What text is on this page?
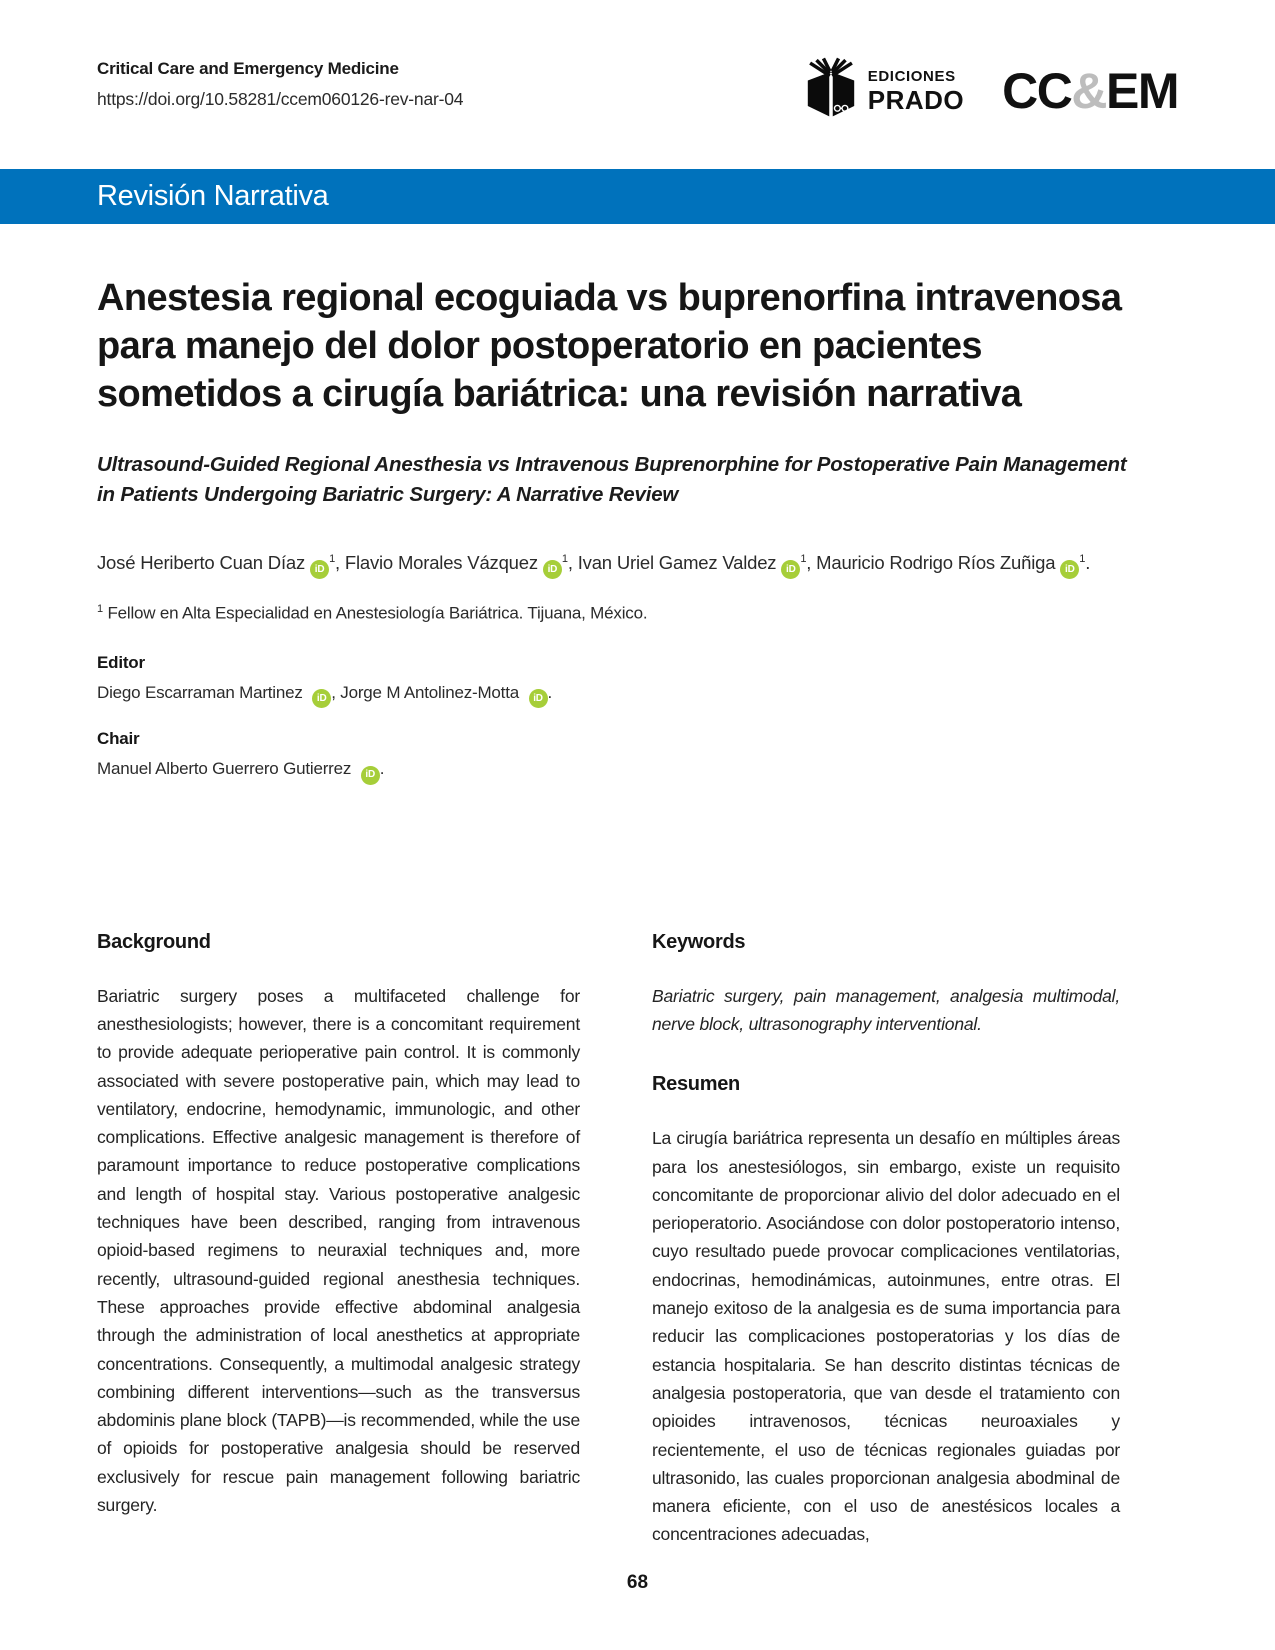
Critical Care and Emergency Medicine
https://doi.org/10.58281/ccem060126-rev-nar-04
EDICIONES
PRADO CC&EM
Revisión Narrativa
Anestesia regional ecoguiada vs buprenorfina intravenosa
para manejo del dolor postoperatorio en pacientes
sometidos a cirugía bariátrica: una revisión narrativa
Ultrasound-Guided Regional Anesthesia vs Intravenous Buprenorphine for Postoperative Pain Management
in Patients Undergoing Bariatric Surgery: A Narrative Review
José Heriberto Cuan Díaz iD
$^1$, Flavio Morales Vázquez iD
$^1$, Ivan Uriel Gamez Valdez iD
$^1$, Mauricio Rodrigo Ríos Zuñiga iD
$^1$.
$^1$ Fellow en Alta Especialidad en Anestesiología Bariátrica. Tijuana, México.
Editor
Diego Escarraman Martinez iD , Jorge M Antolinez-Motta iD .
Chair
Manuel Alberto Guerrero Gutierrez iD .
Background

Bariatric surgery poses a multifaceted challenge for anesthesiologists; however, there is a concomitant requirement to provide adequate perioperative pain control. It is commonly associated with severe postoperative pain, which may lead to ventilatory, endocrine, hemodynamic, immunologic, and other complications. Effective analgesic management is therefore of paramount importance to reduce postoperative complications and length of hospital stay. Various postoperative analgesic techniques have been described, ranging from intravenous opioid-based regimens to neuraxial techniques and, more recently, ultrasound-guided regional anesthesia techniques. These approaches provide effective abdominal analgesia through the administration of local anesthetics at appropriate concentrations. Consequently, a multimodal analgesic strategy combining different interventions—such as the transversus abdominis plane block (TAPB)—is recommended, while the use of opioids for postoperative analgesia should be reserved exclusively for rescue pain management following bariatric surgery.

Keywords

Bariatric surgery, pain management, analgesia multimodal, nerve block, ultrasonography interventional.

Resumen

La cirugía bariátrica representa un desafío en múltiples áreas para los anestesiólogos, sin embargo, existe un requisito concomitante de proporcionar alivio del dolor adecuado en el perioperatorio. Asociándose con dolor postoperatorio intenso, cuyo resultado puede provocar complicaciones ventilatorias, endocrinas, hemodinámicas, autoinmunes, entre otras. El manejo exitoso de la analgesia es de suma importancia para reducir las complicaciones postoperatorias y los días de estancia hospitalaria. Se han descrito distintas técnicas de analgesia postoperatoria, que van desde el tratamiento con opioides intravenosos, técnicas neuroaxiales y recientemente, el uso de técnicas regionales guiadas por ultrasonido, las cuales proporcionan analgesia abodminal de manera eficiente, con el uso de anestésicos locales a concentraciones adecuadas,

68
